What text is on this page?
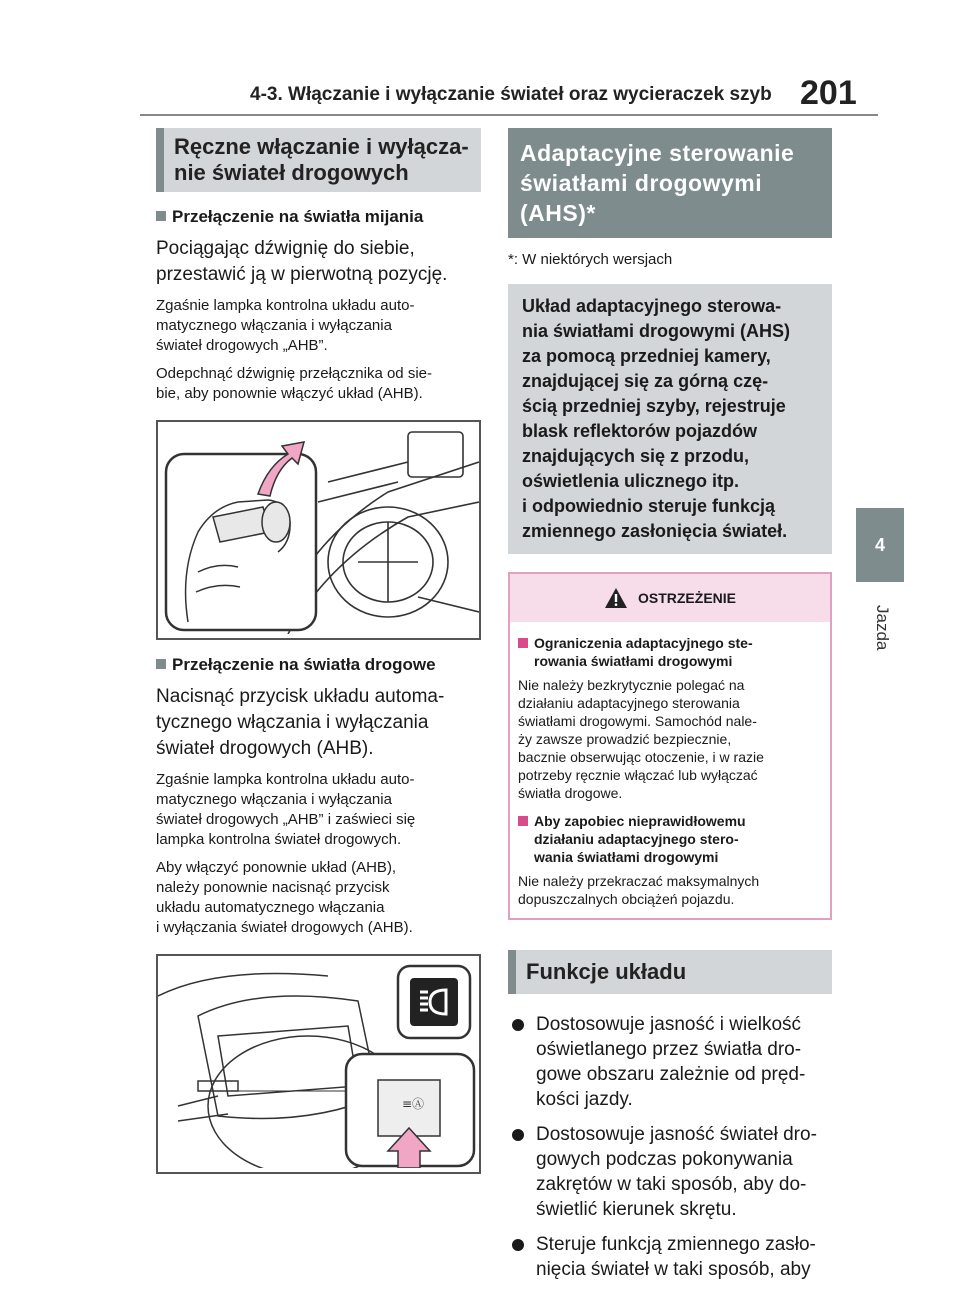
4-3. Włączanie i wyłączanie świateł oraz wycieraczek szyb 201
4
Jazda
Ręczne włączanie i wyłącza-
nie świateł drogowych
Przełączenie na światła mijania
Pociągając dźwignię do siebie,
przestawić ją w pierwotną pozycję.
Zgaśnie lampka kontrolna układu auto-
matycznego włączania i wyłączania
świateł drogowych „AHB”.
Odepchnąć dźwignię przełącznika od sie-
bie, aby ponownie włączyć układ (AHB).
Przełączenie na światła drogowe
Nacisnąć przycisk układu automa-
tycznego włączania i wyłączania
świateł drogowych (AHB).
Zgaśnie lampka kontrolna układu auto-
matycznego włączania i wyłączania
świateł drogowych „AHB” i zaświeci się
lampka kontrolna świateł drogowych.
Aby włączyć ponownie układ (AHB),
należy ponownie nacisnąć przycisk
układu automatycznego włączania
i wyłączania świateł drogowych (AHB).
≡Ⓐ
Adaptacyjne sterowanie
światłami drogowymi
(AHS)*
*: W niektórych wersjach
Układ adaptacyjnego sterowa-
nia światłami drogowymi (AHS)
za pomocą przedniej kamery,
znajdującej się za górną czę-
ścią przedniej szyby, rejestruje
blask reflektorów pojazdów
znajdujących się z przodu,
oświetlenia ulicznego itp.
i odpowiednio steruje funkcją
zmiennego zasłonięcia świateł.
OSTRZEŻENIE
Ograniczenia adaptacyjnego ste-
rowania światłami drogowymi
Nie należy bezkrytycznie polegać na
działaniu adaptacyjnego sterowania
światłami drogowymi. Samochód nale-
ży zawsze prowadzić bezpiecznie,
bacznie obserwując otoczenie, i w razie
potrzeby ręcznie włączać lub wyłączać
światła drogowe.
Aby zapobiec nieprawidłowemu
działaniu adaptacyjnego stero-
wania światłami drogowymi
Nie należy przekraczać maksymalnych
dopuszczalnych obciążeń pojazdu.
Funkcje układu
Dostosowuje jasność i wielkość
oświetlanego przez światła dro-
gowe obszaru zależnie od pręd-
kości jazdy.
Dostosowuje jasność świateł dro-
gowych podczas pokonywania
zakrętów w taki sposób, aby do-
świetlić kierunek skrętu.
Steruje funkcją zmiennego zasło-
nięcia świateł w taki sposób, aby
